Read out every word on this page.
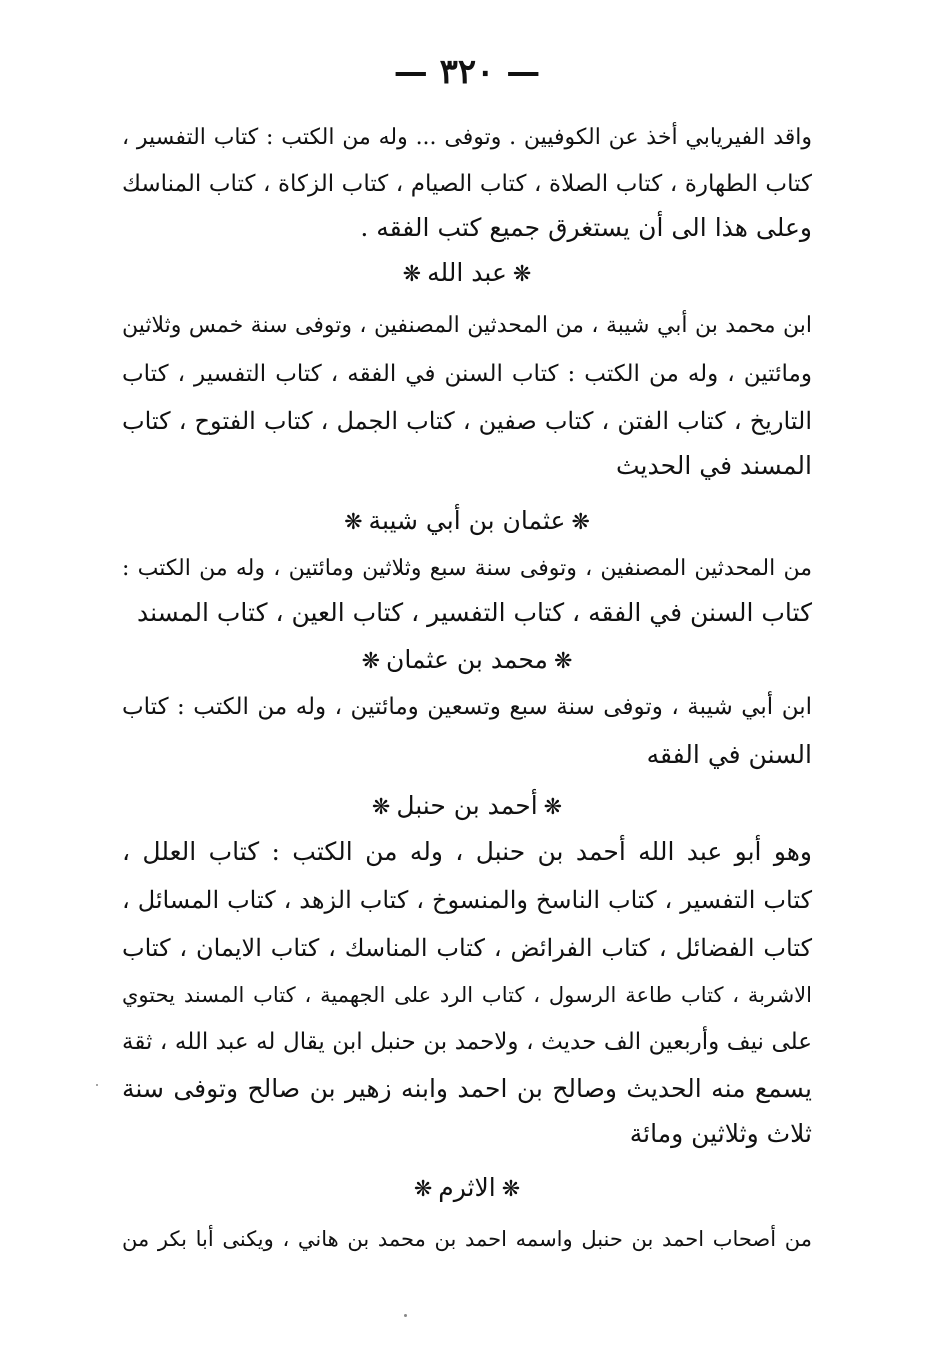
— ٣٢٠ —
واقد الفيريابي أخذ عن الكوفيين . وتوفى ... وله من الكتب : كتاب التفسير ،
كتاب الطهارة ، كتاب الصلاة ، كتاب الصيام ، كتاب الزكاة ، كتاب المناسك
وعلى هذا الى أن يستغرق جميع كتب الفقه .
❋عبد الله❋
ابن محمد بن أبي شيبة ، من المحدثين المصنفين ، وتوفى سنة خمس وثلاثين
ومائتين ، وله من الكتب : كتاب السنن في الفقه ، كتاب التفسير ، كتاب
التاريخ ، كتاب الفتن ، كتاب صفين ، كتاب الجمل ، كتاب الفتوح ، كتاب
المسند في الحديث
❋عثمان بن أبي شيبة❋
من المحدثين المصنفين ، وتوفى سنة سبع وثلاثين ومائتين ، وله من الكتب :
كتاب السنن في الفقه ، كتاب التفسير ، كتاب العين ، كتاب المسند
❋محمد بن عثمان❋
ابن أبي شيبة ، وتوفى سنة سبع وتسعين ومائتين ، وله من الكتب : كتاب
السنن في الفقه
❋أحمد بن حنبل❋
وهو أبو عبد الله أحمد بن حنبل ، وله من الكتب : كتاب العلل ،
كتاب التفسير ، كتاب الناسخ والمنسوخ ، كتاب الزهد ، كتاب المسائل ،
كتاب الفضائل ، كتاب الفرائض ، كتاب المناسك ، كتاب الايمان ، كتاب
الاشربة ، كتاب طاعة الرسول ، كتاب الرد على الجهمية ، كتاب المسند يحتوي
على نيف وأربعين الف حديث ، ولاحمد بن حنبل ابن يقال له عبد الله ، ثقة
يسمع منه الحديث وصالح بن احمد وابنه زهير بن صالح وتوفى سنة
ثلاث وثلاثين ومائة
❋الاثرم❋
من أصحاب احمد بن حنبل واسمه احمد بن محمد بن هاني ، ويكنى أبا بكر من
